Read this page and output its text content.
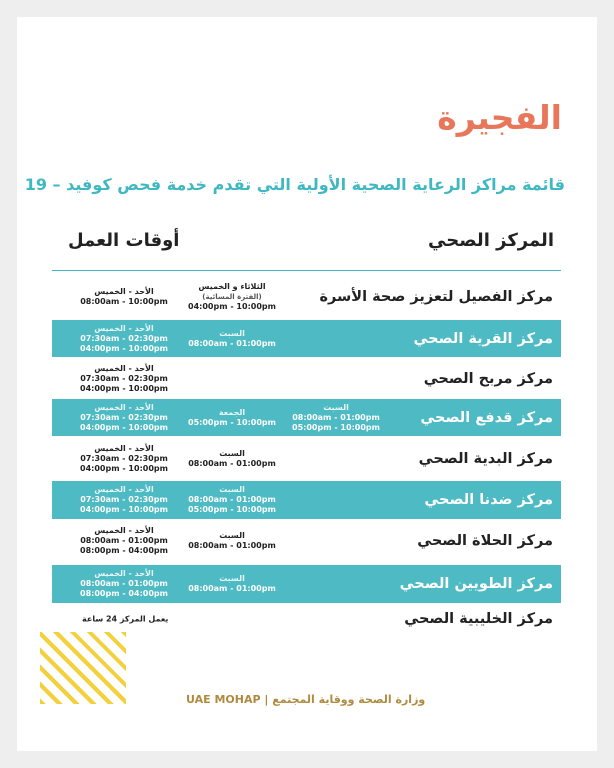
الفجيرة
قائمة مراكز الرعاية الصحية الأولية التي تقدم خدمة فحص كوفيد – 19
المركز الصحي
أوقات العمل
مركز الفصيل لتعزيز صحة الأسرة
الأحد - الخميس
08:00am - 10:00pm
الثلاثاء و الخميس
(الفترة المسائية)
04:00pm - 10:00pm
مركز القرية الصحي
الأحد - الخميس
07:30am - 02:30pm
04:00pm - 10:00pm
السبت
08:00am - 01:00pm
مركز مربح الصحي
الأحد - الخميس
07:30am - 02:30pm
04:00pm - 10:00pm
مركز قدفع الصحي
الأحد - الخميس
07:30am - 02:30pm
04:00pm - 10:00pm
الجمعة
05:00pm - 10:00pm
السبت
08:00am - 01:00pm
05:00pm - 10:00pm
مركز البدية الصحي
الأحد - الخميس
07:30am - 02:30pm
04:00pm - 10:00pm
السبت
08:00am - 01:00pm
مركز ضدنا الصحي
الأحد - الخميس
07:30am - 02:30pm
04:00pm - 10:00pm
السبت
08:00am - 01:00pm
05:00pm - 10:00pm
مركز الحلاة الصحي
الأحد - الخميس
08:00am - 01:00pm
08:00pm - 04:00pm
السبت
08:00am - 01:00pm
مركز الطويين الصحي
الأحد - الخميس
08:00am - 01:00pm
08:00pm - 04:00pm
السبت
08:00am - 01:00pm
مركز الخليبية الصحي
يعمل المركز 24 ساعة
UAE MOHAP | وزارة الصحة ووقاية المجتمع
